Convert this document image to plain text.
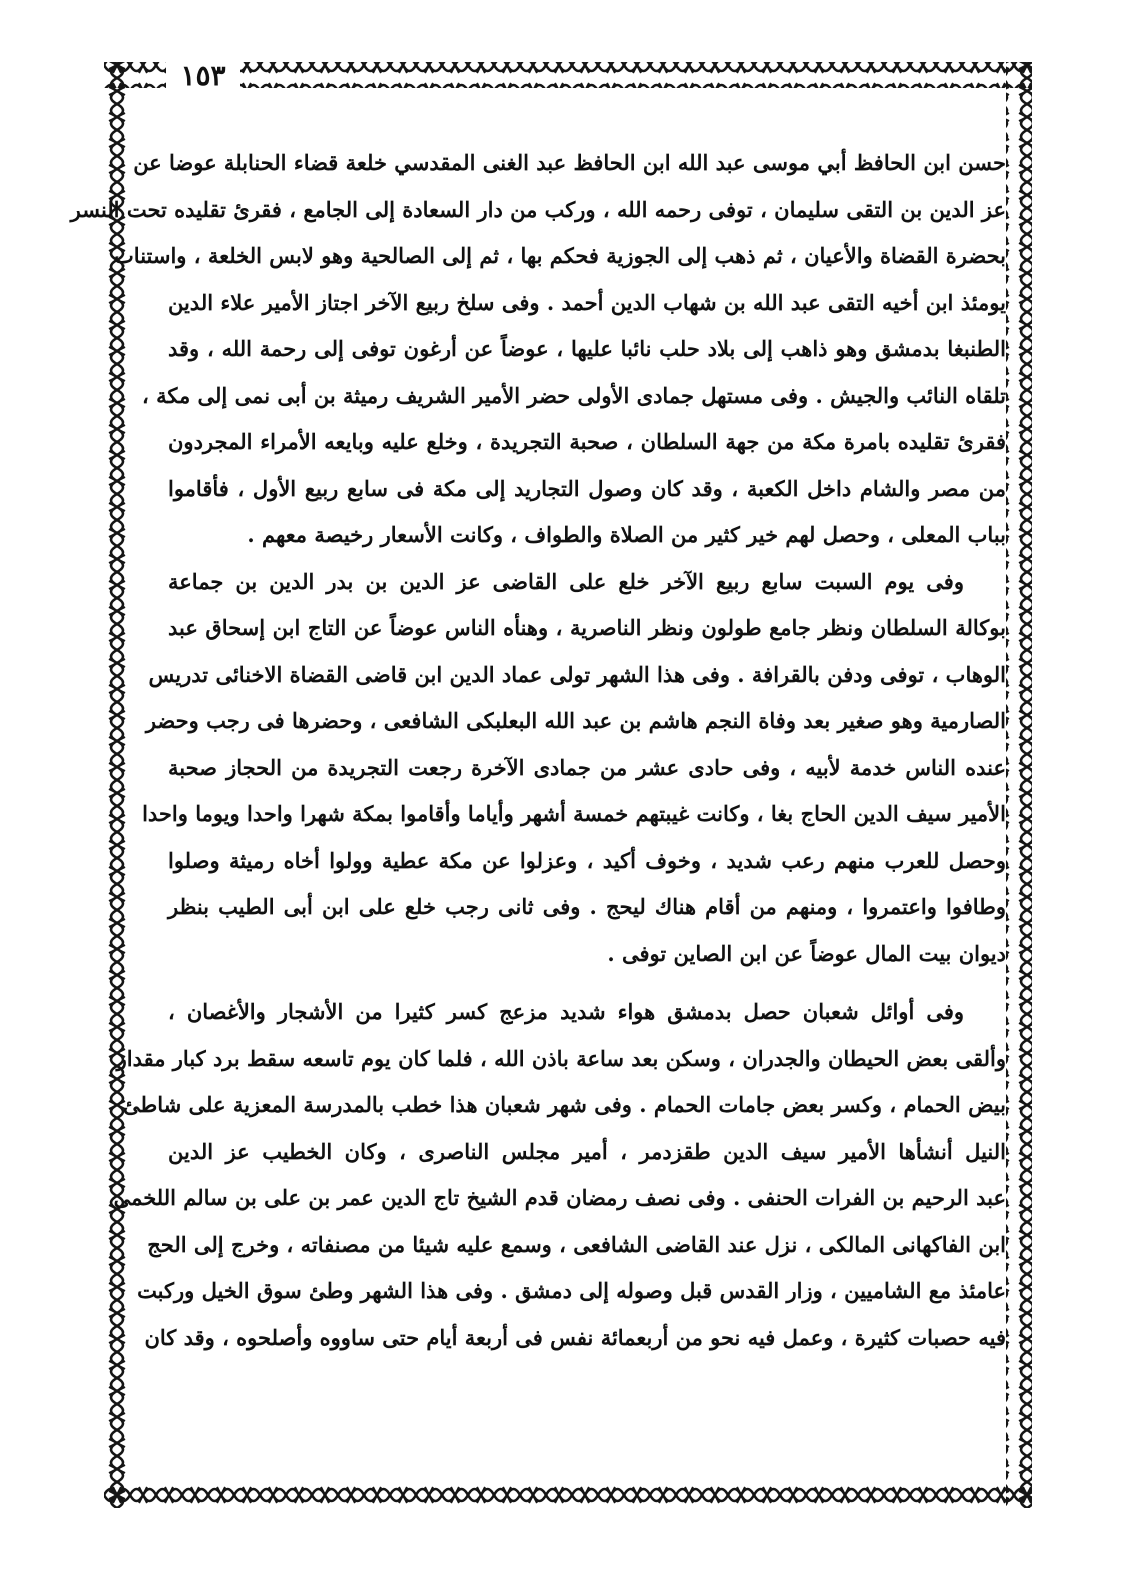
١٥٣
حسن ابن الحافظ أبي موسى عبد الله ابن الحافظ عبد الغنى المقدسي خلعة قضاء الحنابلة عوضا عن
عز الدين بن التقى سليمان ، توفى رحمه الله ، وركب من دار السعادة إلى الجامع ، فقرئ تقليده تحت النسر
بحضرة القضاة والأعيان ، ثم ذهب إلى الجوزية فحكم بها ، ثم إلى الصالحية وهو لابس الخلعة ، واستناب
يومئذ ابن أخيه التقى عبد الله بن شهاب الدين أحمد . وفى سلخ ربيع الآخر اجتاز الأمير علاء الدين
الطنبغا بدمشق وهو ذاهب إلى بلاد حلب نائبا عليها ، عوضاً عن أرغون توفى إلى رحمة الله ، وقد
تلقاه النائب والجيش . وفى مستهل جمادى الأولى حضر الأمير الشريف رميثة بن أبى نمى إلى مكة ،
فقرئ تقليده بامرة مكة من جهة السلطان ، صحبة التجريدة ، وخلع عليه وبايعه الأمراء المجردون
من مصر والشام داخل الكعبة ، وقد كان وصول التجاريد إلى مكة فى سابع ربيع الأول ، فأقاموا
بباب المعلى ، وحصل لهم خير كثير من الصلاة والطواف ، وكانت الأسعار رخيصة معهم .
وفى يوم السبت سابع ربيع الآخر خلع على القاضى عز الدين بن بدر الدين بن جماعة
بوكالة السلطان ونظر جامع طولون ونظر الناصرية ، وهنأه الناس عوضاً عن التاج ابن إسحاق عبد
الوهاب ، توفى ودفن بالقرافة . وفى هذا الشهر تولى عماد الدين ابن قاضى القضاة الاخنائى تدريس
الصارمية وهو صغير بعد وفاة النجم هاشم بن عبد الله البعلبكى الشافعى ، وحضرها فى رجب وحضر
عنده الناس خدمة لأبيه ، وفى حادى عشر من جمادى الآخرة رجعت التجريدة من الحجاز صحبة
الأمير سيف الدين الحاج بغا ، وكانت غيبتهم خمسة أشهر وأياما وأقاموا بمكة شهرا واحدا ويوما واحدا
وحصل للعرب منهم رعب شديد ، وخوف أكيد ، وعزلوا عن مكة عطية وولوا أخاه رميثة وصلوا
وطافوا واعتمروا ، ومنهم من أقام هناك ليحج . وفى ثانى رجب خلع على ابن أبى الطيب بنظر
ديوان بيت المال عوضاً عن ابن الصاين توفى .
وفى أوائل شعبان حصل بدمشق هواء شديد مزعج كسر كثيرا من الأشجار والأغصان ،
وألقى بعض الحيطان والجدران ، وسكن بعد ساعة باذن الله ، فلما كان يوم تاسعه سقط برد كبار مقدار
بيض الحمام ، وكسر بعض جامات الحمام . وفى شهر شعبان هذا خطب بالمدرسة المعزية على شاطئ
النيل أنشأها الأمير سيف الدين طقزدمر ، أمير مجلس الناصرى ، وكان الخطيب عز الدين
عبد الرحيم بن الفرات الحنفى . وفى نصف رمضان قدم الشيخ تاج الدين عمر بن على بن سالم اللخمى
ابن الفاكهانى المالكى ، نزل عند القاضى الشافعى ، وسمع عليه شيئا من مصنفاته ، وخرج إلى الحج
عامئذ مع الشاميين ، وزار القدس قبل وصوله إلى دمشق . وفى هذا الشهر وطئ سوق الخيل وركبت
فيه حصبات كثيرة ، وعمل فيه نحو من أربعمائة نفس فى أربعة أيام حتى ساووه وأصلحوه ، وقد كان
